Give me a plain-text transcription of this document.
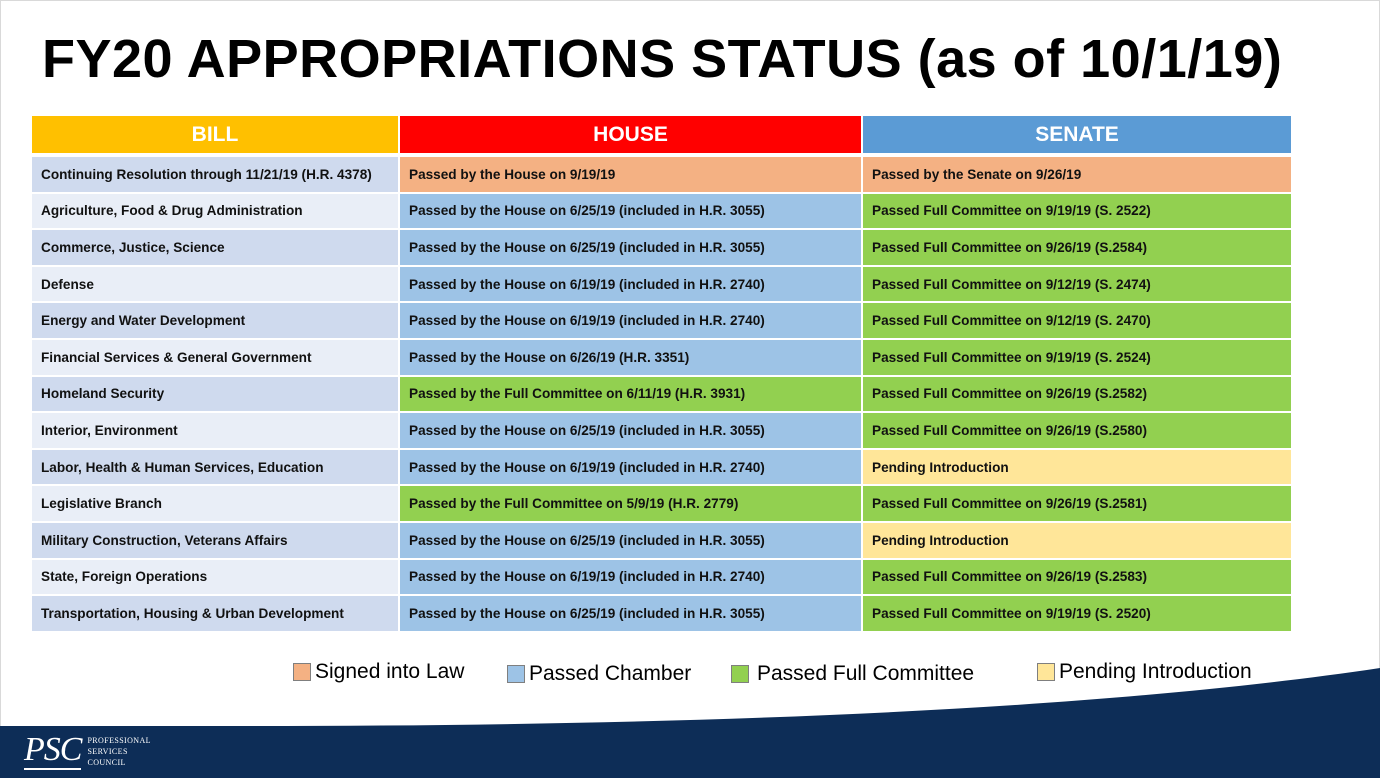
FY20 APPROPRIATIONS STATUS (as of 10/1/19)
BILL	HOUSE	SENATE
Continuing Resolution through 11/21/19 (H.R. 4378)	Passed by the House on 9/19/19	Passed by the Senate on 9/26/19
Agriculture, Food & Drug Administration	Passed by the House on 6/25/19 (included in H.R. 3055)	Passed Full Committee on 9/19/19 (S. 2522)
Commerce, Justice, Science	Passed by the House on 6/25/19 (included in H.R. 3055)	Passed Full Committee on 9/26/19 (S.2584)
Defense	Passed by the House on 6/19/19 (included in H.R. 2740)	Passed Full Committee on 9/12/19 (S. 2474)
Energy and Water Development	Passed by the House on 6/19/19 (included in H.R. 2740)	Passed Full Committee on 9/12/19 (S. 2470)
Financial Services & General Government	Passed by the House on 6/26/19 (H.R. 3351)	Passed Full Committee on 9/19/19 (S. 2524)
Homeland Security	Passed by the Full Committee on 6/11/19 (H.R. 3931)	Passed Full Committee on 9/26/19 (S.2582)
Interior, Environment	Passed by the House on 6/25/19 (included in H.R. 3055)	Passed Full Committee on 9/26/19 (S.2580)
Labor, Health & Human Services, Education	Passed by the House on 6/19/19 (included in H.R. 2740)	Pending Introduction
Legislative Branch	Passed by the Full Committee on 5/9/19 (H.R. 2779)	Passed Full Committee on 9/26/19 (S.2581)
Military Construction, Veterans Affairs	Passed by the House on 6/25/19 (included in H.R. 3055)	Pending Introduction
State, Foreign Operations	Passed by the House on 6/19/19 (included in H.R. 2740)	Passed Full Committee on 9/26/19 (S.2583)
Transportation, Housing & Urban Development	Passed by the House on 6/25/19 (included in H.R. 3055)	Passed Full Committee on 9/19/19 (S. 2520)
Signed into Law	Passed Chamber	Passed Full Committee	Pending Introduction
PSC PROFESSIONAL
SERVICES
COUNCIL
